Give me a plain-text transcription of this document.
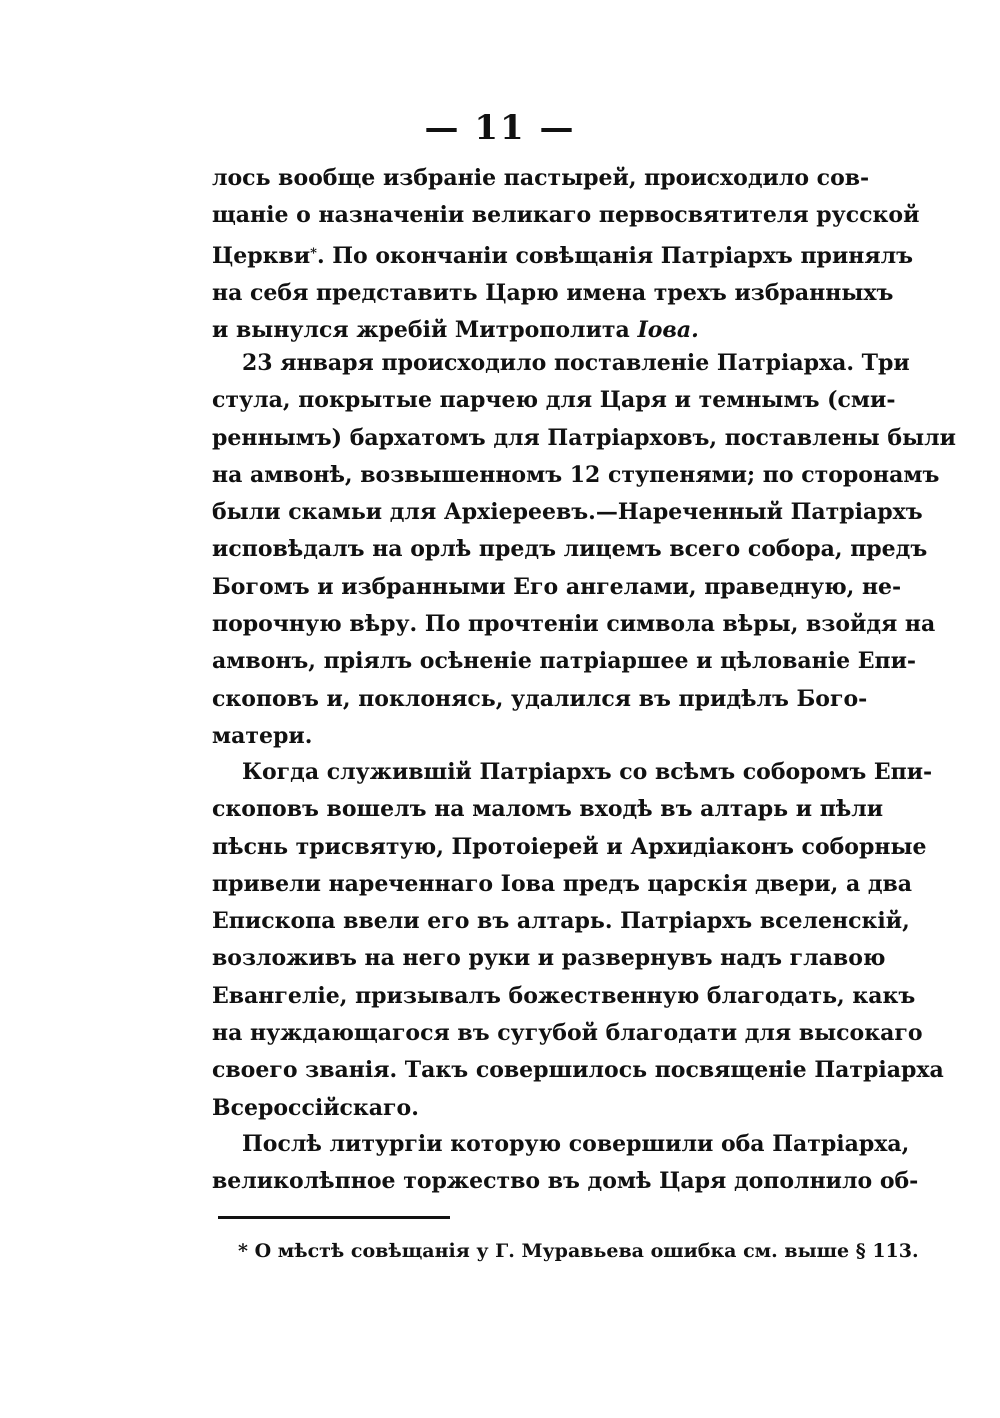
— 11 —
лось вообще избраніе пастырей, происходило сов-
щаніе о назначеніи великаго первосвятителя русской
Церкви*. По окончаніи совѣщанія Патріархъ принялъ
на себя представить Царю имена трехъ избранныхъ
и вынулся жребій Митрополита Іова.
23 января происходило поставленіе Патріарха. Три
стула, покрытые парчею для Царя и темнымъ (сми-
реннымъ) бархатомъ для Патріарховъ, поставлены были
на амвонѣ, возвышенномъ 12 ступенями; по сторонамъ
были скамьи для Архіереевъ.—Нареченный Патріархъ
исповѣдалъ на орлѣ предъ лицемъ всего собора, предъ
Богомъ и избранными Его ангелами, праведную, не-
порочную вѣру. По прочтеніи символа вѣры, взойдя на
амвонъ, пріялъ осѣненіе патріаршее и цѣлованіе Епи-
скоповъ и, поклонясь, удалился въ придѣлъ Бого-
матери.
Когда служившій Патріархъ со всѣмъ соборомъ Епи-
скоповъ вошелъ на маломъ входѣ въ алтарь и пѣли
пѣснь трисвятую, Протоіерей и Архидіаконъ соборные
привели нареченнаго Іова предъ царскія двери, а два
Епископа ввели его въ алтарь. Патріархъ вселенскій,
возложивъ на него руки и развернувъ надъ главою
Евангеліе, призывалъ божественную благодать, какъ
на нуждающагося въ сугубой благодати для высокаго
своего званія. Такъ совершилось посвященіе Патріарха
Всероссійскаго.
Послѣ литургіи которую совершили оба Патріарха,
великолѣпное торжество въ домѣ Царя дополнило об-
* О мѣстѣ совѣщанія у Г. Муравьева ошибка см. выше § 113.
